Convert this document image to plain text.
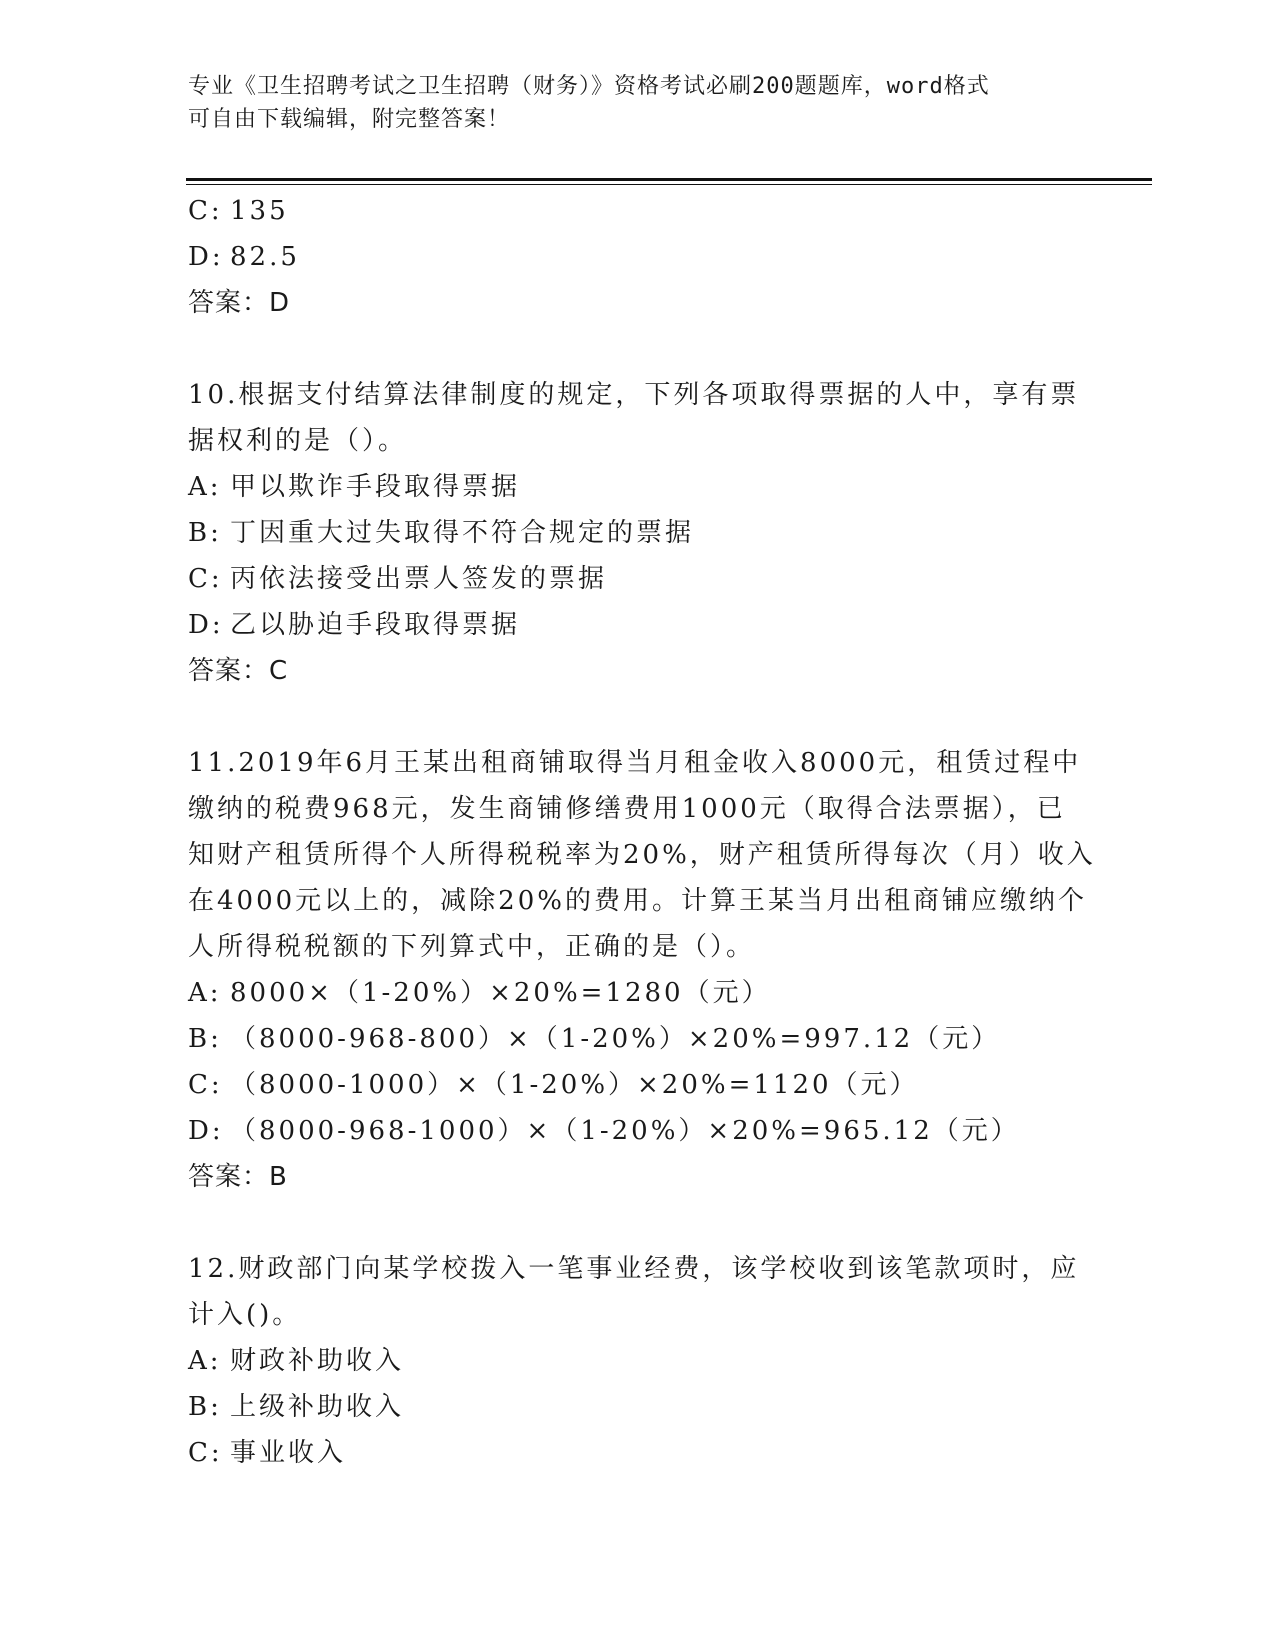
专业《卫生招聘考试之卫生招聘（财务）》资格考试必刷200题题库，word格式
可自由下载编辑，附完整答案！
C: 135
D: 82.5
答案：D
10.根据支付结算法律制度的规定，下列各项取得票据的人中，享有票
据权利的是（）。
A: 甲以欺诈手段取得票据
B: 丁因重大过失取得不符合规定的票据
C: 丙依法接受出票人签发的票据
D: 乙以胁迫手段取得票据
答案：C
11.2019年6月王某出租商铺取得当月租金收入8000元，租赁过程中
缴纳的税费968元，发生商铺修缮费用1000元（取得合法票据），已
知财产租赁所得个人所得税税率为20%，财产租赁所得每次（月）收入
在4000元以上的，减除20%的费用。计算王某当月出租商铺应缴纳个
人所得税税额的下列算式中，正确的是（）。
A: 8000×（1-20%）×20%=1280（元）
B: （8000-968-800）×（1-20%）×20%=997.12（元）
C: （8000-1000）×（1-20%）×20%=1120（元）
D: （8000-968-1000）×（1-20%）×20%=965.12（元）
答案：B
12.财政部门向某学校拨入一笔事业经费，该学校收到该笔款项时，应
计入()。
A: 财政补助收入
B: 上级补助收入
C: 事业收入
